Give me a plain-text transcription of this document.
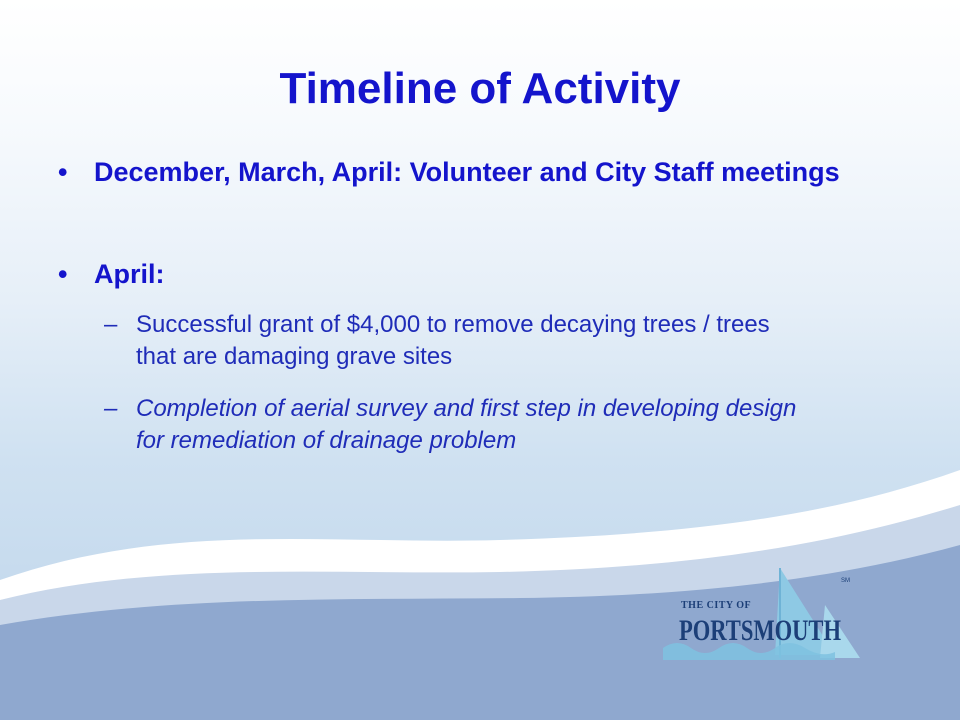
Timeline of Activity
• December, March, April: Volunteer and City Staff meetings
• April:
– Successful grant of $4,000 to remove decaying trees / trees that are damaging grave sites
– Completion of aerial survey and first step in developing design for remediation of drainage problem
THE CITY OF
PORTSMOUTH
SM
